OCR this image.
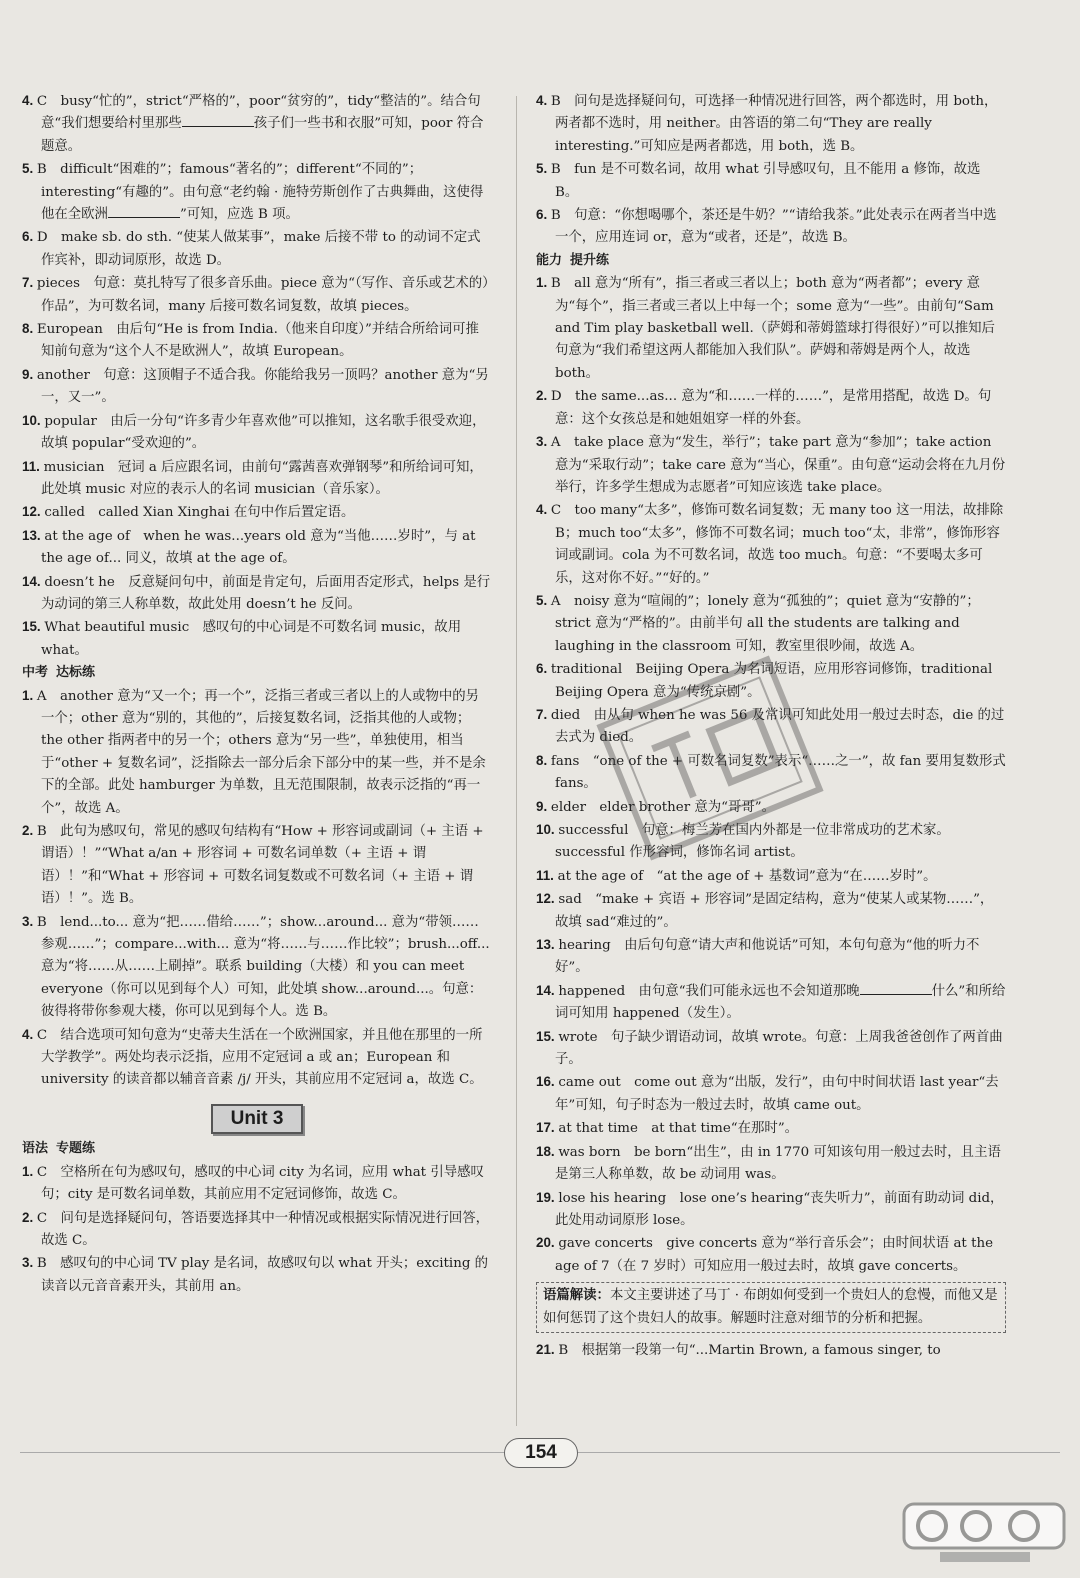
4. C　busy“忙的”，strict“严格的”，poor“贫穷的”，tidy“整洁的”。结合句意“我们想要给村里那些	孩子们一些书和衣服”可知，poor 符合题意。

5. B　difficult“困难的”；famous“著名的”；different“不同的”；interesting“有趣的”。由句意“老约翰 · 施特劳斯创作了古典舞曲，这使得他在全欧洲	”可知，应选 B 项。

6. D　make sb. do sth. “使某人做某事”，make 后接不带 to 的动词不定式作宾补，即动词原形，故选 D。

7. pieces　句意：莫扎特写了很多音乐曲。piece 意为“（写作、音乐或艺术的）作品”，为可数名词，many 后接可数名词复数，故填 pieces。

8. European　由后句“He is from India.（他来自印度）”并结合所给词可推知前句意为“这个人不是欧洲人”，故填 European。

9. another　句意：这顶帽子不适合我。你能给我另一顶吗？another 意为“另一，又一”。

10. popular　由后一分句“许多青少年喜欢他”可以推知，这名歌手很受欢迎，故填 popular“受欢迎的”。

11. musician　冠词 a 后应跟名词，由前句“露茜喜欢弹钢琴”和所给词可知，此处填 music 对应的表示人的名词 musician（音乐家）。

12. called　called Xian Xinghai 在句中作后置定语。

13. at the age of　when he was...years old 意为“当他……岁时”，与 at the age of... 同义，故填 at the age of。

14. doesn’t he　反意疑问句中，前面是肯定句，后面用否定形式，helps 是行为动词的第三人称单数，故此处用 doesn’t he 反问。

15. What beautiful music　感叹句的中心词是不可数名词 music，故用 what。

中考 达标练

1. A　another 意为“又一个；再一个”，泛指三者或三者以上的人或物中的另一个；other 意为“别的，其他的”，后接复数名词，泛指其他的人或物；the other 指两者中的另一个；others 意为“另一些”，单独使用，相当于“other + 复数名词”，泛指除去一部分后余下部分中的某一些，并不是余下的全部。此处 hamburger 为单数，且无范围限制，故表示泛指的“再一个”，故选 A。

2. B　此句为感叹句，常见的感叹句结构有“How + 形容词或副词（+ 主语 + 谓语）！”“What a/an + 形容词 + 可数名词单数（+ 主语 + 谓语）！”和“What + 形容词 + 可数名词复数或不可数名词（+ 主语 + 谓语）！”。选 B。

3. B　lend...to... 意为“把……借给……”；show...around... 意为“带领……参观……”；compare...with... 意为“将……与……作比较”；brush...off... 意为“将……从……上刷掉”。联系 building（大楼）和 you can meet everyone（你可以见到每个人）可知，此处填 show...around...。句意：彼得将带你参观大楼，你可以见到每个人。选 B。

4. C　结合选项可知句意为“史蒂夫生活在一个欧洲国家，并且他在那里的一所大学教学”。两处均表示泛指，应用不定冠词 a 或 an；European 和 university 的读音都以辅音音素 /j/ 开头，其前应用不定冠词 a，故选 C。

Unit 3

语法 专题练

1. C　空格所在句为感叹句，感叹的中心词 city 为名词，应用 what 引导感叹句；city 是可数名词单数，其前应用不定冠词修饰，故选 C。

2. C　问句是选择疑问句，答语要选择其中一种情况或根据实际情况进行回答，故选 C。

3. B　感叹句的中心词 TV play 是名词，故感叹句以 what 开头；exciting 的读音以元音音素开头，其前用 an。

4. B　问句是选择疑问句，可选择一种情况进行回答，两个都选时，用 both，两者都不选时，用 neither。由答语的第二句“They are really interesting.”可知应是两者都选，用 both，选 B。

5. B　fun 是不可数名词，故用 what 引导感叹句，且不能用 a 修饰，故选 B。

6. B　句意：“你想喝哪个，茶还是牛奶？”“请给我茶。”此处表示在两者当中选一个，应用连词 or，意为“或者，还是”，故选 B。

能力 提升练

1. B　all 意为“所有”，指三者或三者以上；both 意为“两者都”；every 意为“每个”，指三者或三者以上中每一个；some 意为“一些”。由前句“Sam and Tim play basketball well.（萨姆和蒂姆篮球打得很好）”可以推知后句意为“我们希望这两人都能加入我们队”。萨姆和蒂姆是两个人，故选 both。

2. D　the same...as... 意为“和……一样的……”，是常用搭配，故选 D。句意：这个女孩总是和她姐姐穿一样的外套。

3. A　take place 意为“发生，举行”；take part 意为“参加”；take action 意为“采取行动”；take care 意为“当心，保重”。由句意“运动会将在九月份举行，许多学生想成为志愿者”可知应该选 take place。

4. C　too many“太多”，修饰可数名词复数；无 many too 这一用法，故排除 B；much too“太多”，修饰不可数名词；much too“太，非常”，修饰形容词或副词。cola 为不可数名词，故选 too much。句意：“不要喝太多可乐，这对你不好。”“好的。”

5. A　noisy 意为“喧闹的”；lonely 意为“孤独的”；quiet 意为“安静的”；strict 意为“严格的”。由前半句 all the students are talking and laughing in the classroom 可知，教室里很吵闹，故选 A。

6. traditional　Beijing Opera 为名词短语，应用形容词修饰，traditional Beijing Opera 意为“传统京剧”。

7. died　由从句 when he was 56 及常识可知此处用一般过去时态，die 的过去式为 died。

8. fans　“one of the + 可数名词复数”表示“……之一”，故 fan 要用复数形式 fans。

9. elder　elder brother 意为“哥哥”。

10. successful　句意：梅兰芳在国内外都是一位非常成功的艺术家。successful 作形容词，修饰名词 artist。

11. at the age of　“at the age of + 基数词”意为“在……岁时”。

12. sad　“make + 宾语 + 形容词”是固定结构，意为“使某人或某物……”，故填 sad“难过的”。

13. hearing　由后句句意“请大声和他说话”可知，本句句意为“他的听力不好”。

14. happened　由句意“我们可能永远也不会知道那晚	什么”和所给词可知用 happened（发生）。

15. wrote　句子缺少谓语动词，故填 wrote。句意：上周我爸爸创作了两首曲子。

16. came out　come out 意为“出版，发行”，由句中时间状语 last year“去年”可知，句子时态为一般过去时，故填 came out。

17. at that time　at that time“在那时”。

18. was born　be born“出生”，由 in 1770 可知该句用一般过去时，且主语是第三人称单数，故 be 动词用 was。

19. lose his hearing　lose one’s hearing“丧失听力”，前面有助动词 did，此处用动词原形 lose。

20. gave concerts　give concerts 意为“举行音乐会”；由时间状语 at the age of 7（在 7 岁时）可知应用一般过去时，故填 gave concerts。

语篇解读：本文主要讲述了马丁 · 布朗如何受到一个贵妇人的怠慢，而他又是如何惩罚了这个贵妇人的故事。解题时注意对细节的分析和把握。

21. B　根据第一段第一句“...Martin Brown, a famous singer, to

154
